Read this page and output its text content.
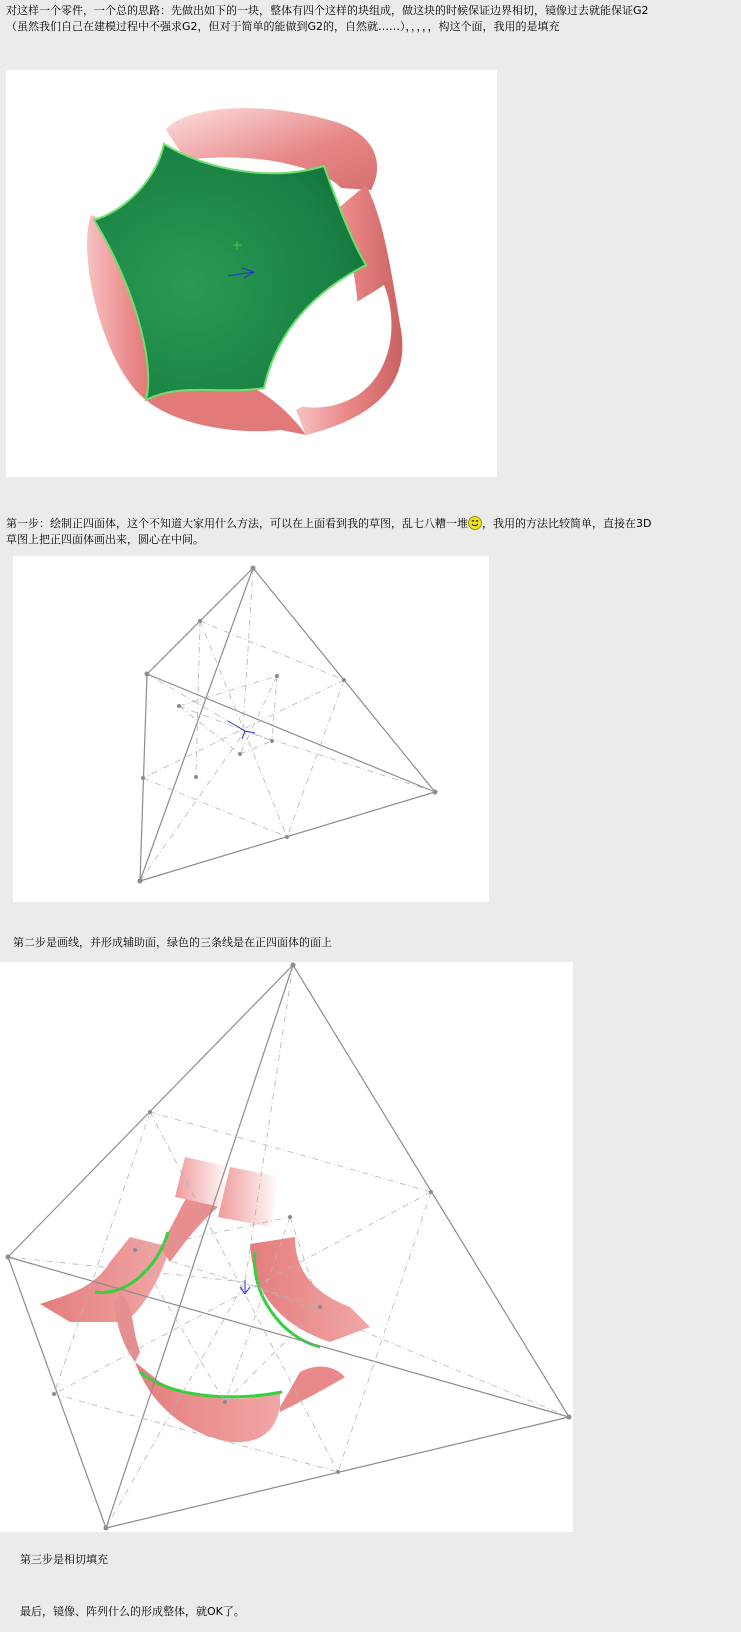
对这样一个零件，一个总的思路：先做出如下的一块，整体有四个这样的块组成，做这块的时候保证边界相切，镜像过去就能保证G2
（虽然我们自己在建模过程中不强求G2，但对于简单的能做到G2的，自然就……），，，，，构这个面，我用的是填充
第一步：绘制正四面体，这个不知道大家用什么方法，可以在上面看到我的草图，乱七八糟一堆 ，我用的方法比较简单，直接在3D
草图上把正四面体画出来，圆心在中间。
第二步是画线，并形成辅助面，绿色的三条线是在正四面体的面上
第三步是相切填充
最后，镜像、阵列什么的形成整体，就OK了。
